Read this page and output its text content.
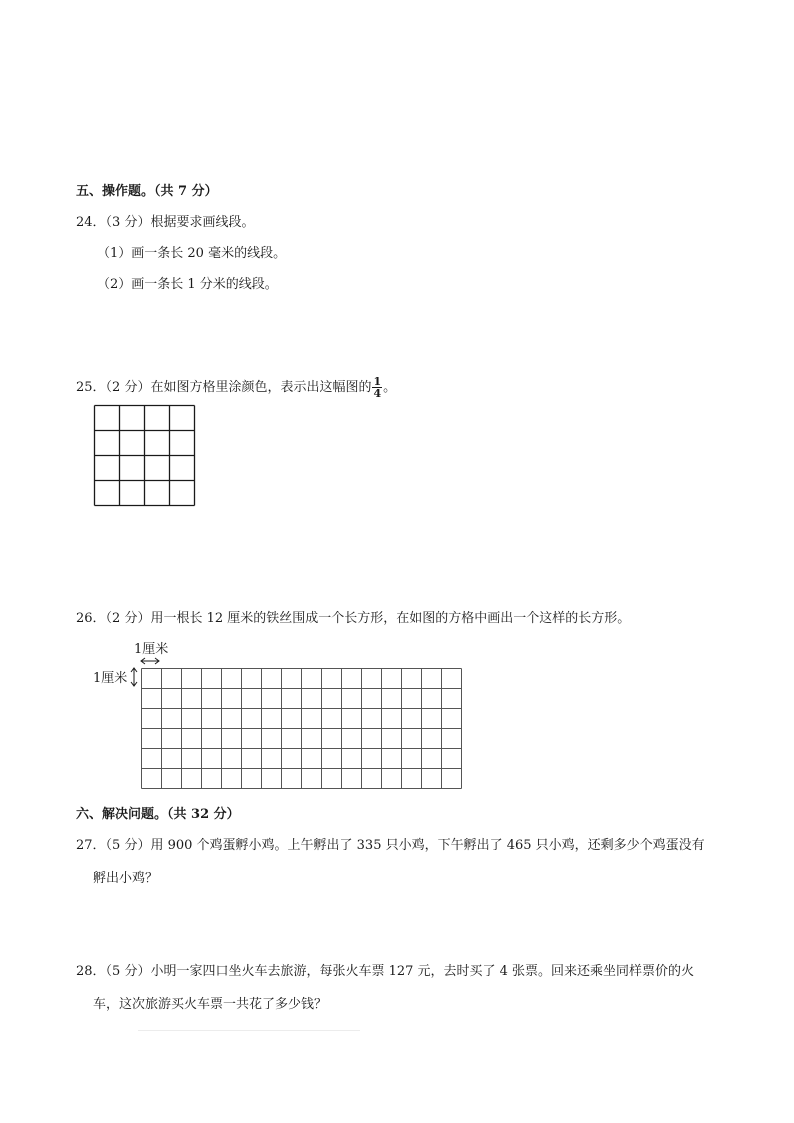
五、操作题。（共 7 分）
24．（3 分）根据要求画线段。
（1）画一条长 20 毫米的线段。
（2）画一条长 1 分米的线段。
25．（2 分）在如图方格里涂颜色，表示出这幅图的 $\frac{1}{4}$ 。
26．（2 分）用一根长 12 厘米的铁丝围成一个长方形，在如图的方格中画出一个这样的长方形。
1厘米
1厘米
六、解决问题。（共 32 分）
27．（5 分）用 900 个鸡蛋孵小鸡。上午孵出了 335 只小鸡，下午孵出了 465 只小鸡，还剩多少个鸡蛋没有
孵出小鸡？
28．（5 分）小明一家四口坐火车去旅游，每张火车票 127 元，去时买了 4 张票。回来还乘坐同样票价的火
车，这次旅游买火车票一共花了多少钱？
